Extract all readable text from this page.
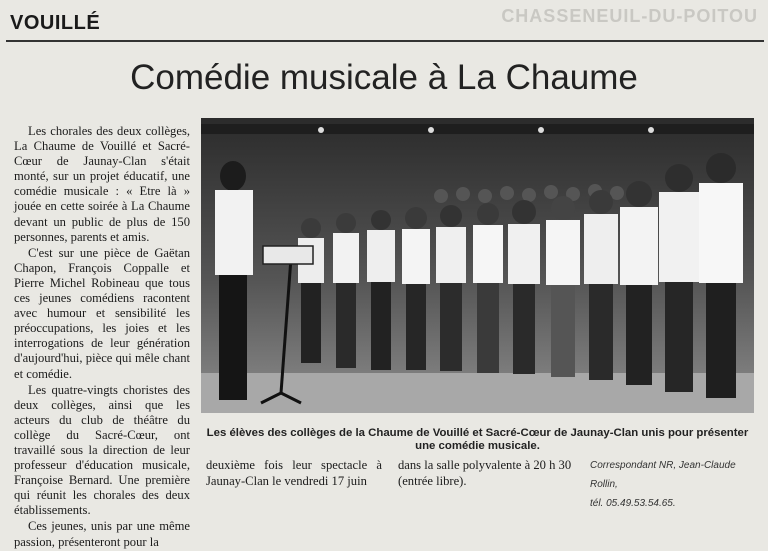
VOUILLÉ	CHASSENEUIL-DU-POITOU
Comédie musicale à La Chaume

Les chorales des deux collèges, La Chaume de Vouillé et Sacré-Cœur de Jaunay-Clan s'était monté, sur un projet éducatif, une comédie musicale : « Etre là » jouée en cette soirée à La Chaume devant un public de plus de 150 personnes, parents et amis.

C'est sur une pièce de Gaëtan Chapon, François Coppalle et Pierre Michel Robineau que tous ces jeunes comédiens racontent avec humour et sensibilité les préoccupations, les joies et les interrogations de leur génération d'aujourd'hui, pièce qui mêle chant et comédie.

Les quatre-vingts choristes des deux collèges, ainsi que les acteurs du club de théâtre du collège du Sacré-Cœur, ont travaillé sous la direction de leur professeur d'éducation musicale, Françoise Bernard. Une première qui réunit les chorales des deux établissements.

Ces jeunes, unis par une même passion, présenteront pour la

Les élèves des collèges de la Chaume de Vouillé et Sacré-Cœur de Jaunay-Clan unis pour présenter une comédie musicale.
deuxième fois leur spectacle à Jaunay-Clan le vendredi 17 juin
dans la salle polyvalente à 20 h 30 (entrée libre).
Correspondant NR, Jean-Claude Rollin,
tél. 05.49.53.54.65.
